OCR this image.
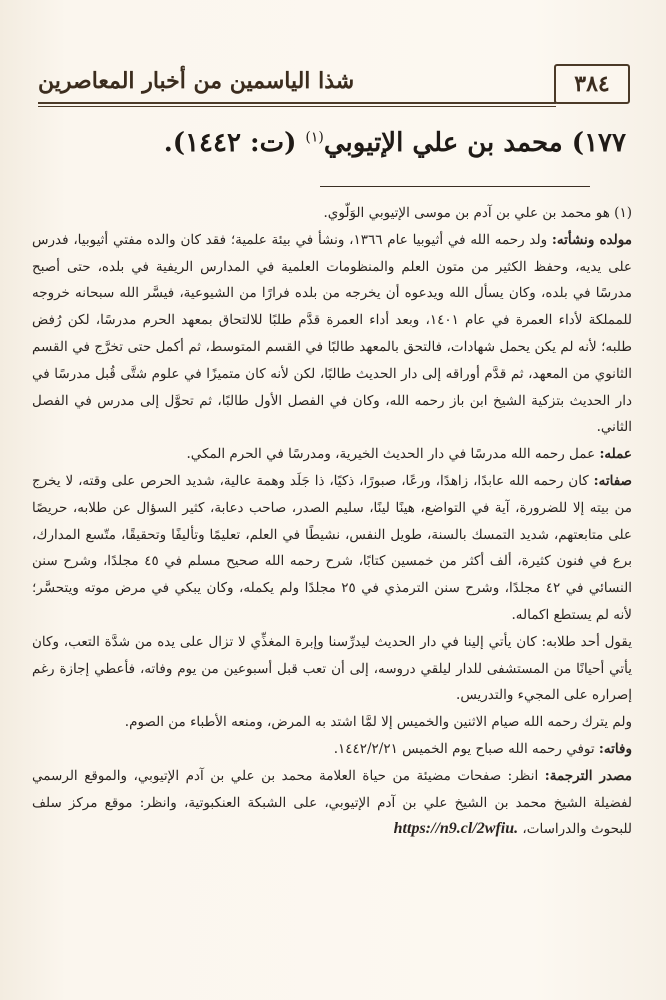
٣٨٤
شذا الياسمين من أخبار المعاصرين
١٧٧) محمد بن علي الإتيوبي$^{(١)}$ (ت: ١٤٤٢).

(١) هو محمد بن علي بن آدم بن موسى الإتيوبي الوَلّوي.

مولده ونشأته: ولد رحمه الله في أثيوبيا عام ١٣٦٦، ونشأ في بيئة علمية؛ فقد كان والده مفتي أثيوبيا، فدرس على يديه، وحفظ الكثير من متون العلم والمنظومات العلمية في المدارس الريفية في بلده، حتى أصبح مدرسًا في بلده، وكان يسأل الله ويدعوه أن يخرجه من بلده فرارًا من الشيوعية، فيسَّر الله سبحانه خروجه للمملكة لأداء العمرة في عام ١٤٠١، وبعد أداء العمرة قدَّم طلبًا للالتحاق بمعهد الحرم مدرسًا، لكن رُفض طلبه؛ لأنه لم يكن يحمل شهادات، فالتحق بالمعهد طالبًا في القسم المتوسط، ثم أكمل حتى تخرَّج في القسم الثانوي من المعهد، ثم قدَّم أوراقه إلى دار الحديث طالبًا، لكن لأنه كان متميزًا في علوم شتَّى قُبل مدرسًا في دار الحديث بتزكية الشيخ ابن باز رحمه الله، وكان في الفصل الأول طالبًا، ثم تحوَّل إلى مدرس في الفصل الثاني.

عمله: عمل رحمه الله مدرسًا في دار الحديث الخيرية، ومدرسًا في الحرم المكي.

صفاته: كان رحمه الله عابدًا، زاهدًا، ورعًا، صبورًا، ذكيًا، ذا جَلَد وهمة عالية، شديد الحرص على وقته، لا يخرج من بيته إلا للضرورة، آية في التواضع، هينًا لينًا، سليم الصدر، صاحب دعابة، كثير السؤال عن طلابه، حريصًا على متابعتهم، شديد التمسك بالسنة، طويل النفس، نشيطًا في العلم، تعليمًا وتأليفًا وتحقيقًا، متّسع المدارك، برع في فنون كثيرة، ألف أكثر من خمسين كتابًا، شرح رحمه الله صحيح مسلم في ٤٥ مجلدًا، وشرح سنن النسائي في ٤٢ مجلدًا، وشرح سنن الترمذي في ٢٥ مجلدًا ولم يكمله، وكان يبكي في مرض موته ويتحسَّر؛ لأنه لم يستطع اكماله.

يقول أحد طلابه: كان يأتي إلينا في دار الحديث ليدرِّسنا وإبرة المغذِّي لا تزال على يده من شدَّة التعب، وكان يأتي أحيانًا من المستشفى للدار ليلقي دروسه، إلى أن تعب قبل أسبوعين من يوم وفاته، فأعطي إجازة رغم إصراره على المجيء والتدريس.

ولم يترك رحمه الله صيام الاثنين والخميس إلا لمَّا اشتد به المرض، ومنعه الأطباء من الصوم.

وفاته: توفي رحمه الله صباح يوم الخميس ١٤٤٢/٢/٢١.

مصدر الترجمة: انظر: صفحات مضيئة من حياة العلامة محمد بن علي بن آدم الإتيوبي، والموقع الرسمي لفضيلة الشيخ محمد بن الشيخ علي بن آدم الإتيوبي، على الشبكة العنكبوتية، وانظر: موقع مركز سلف للبحوث والدراسات، https://n9.cl/2wfiu.
